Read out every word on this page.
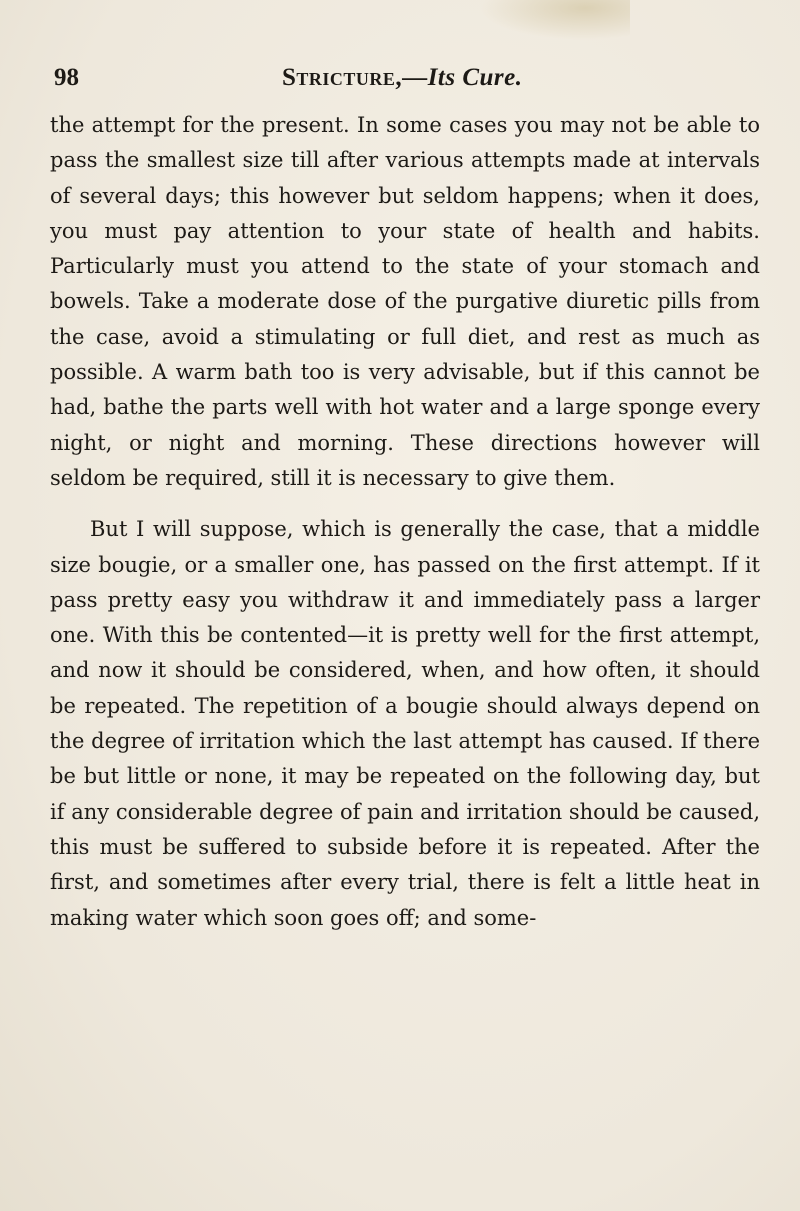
98	Stricture,—Its Cure.

the attempt for the present. In some cases you may not be able to pass the smallest size till after various attempts made at intervals of several days; this however but seldom happens; when it does, you must pay attention to your state of health and habits. Particularly must you attend to the state of your stomach and bowels. Take a moderate dose of the purgative diuretic pills from the case, avoid a stimulating or full diet, and rest as much as possible. A warm bath too is very advisable, but if this cannot be had, bathe the parts well with hot water and a large sponge every night, or night and morning. These directions however will seldom be required, still it is necessary to give them.

But I will suppose, which is generally the case, that a middle size bougie, or a smaller one, has passed on the first attempt. If it pass pretty easy you withdraw it and immediately pass a larger one. With this be contented—it is pretty well for the first attempt, and now it should be considered, when, and how often, it should be repeated. The repetition of a bougie should always depend on the degree of irritation which the last attempt has caused. If there be but little or none, it may be repeated on the following day, but if any considerable degree of pain and irritation should be caused, this must be suffered to subside before it is repeated. After the first, and sometimes after every trial, there is felt a little heat in making water which soon goes off; and some-
